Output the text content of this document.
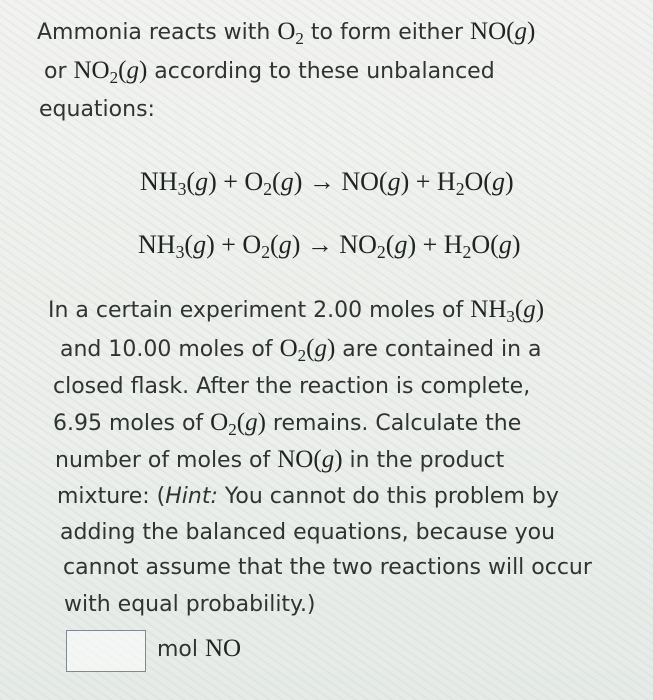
Ammonia reacts with $O_2$ to form either NO(g)
or $NO_2(g)$ according to these unbalanced
equations:
$NH_3(g) + O_2(g) \to NO(g) + H_2O(g)$
$NH_3(g) + O_2(g) \to NO_2(g) + H_2O(g)$
In a certain experiment 2.00 moles of $NH_3(g)$
and 10.00 moles of $O_2(g)$ are contained in a
closed flask. After the reaction is complete,
6.95 moles of $O_2(g)$ remains. Calculate the
number of moles of NO(g) in the product
mixture: (Hint: You cannot do this problem by
adding the balanced equations, because you
cannot assume that the two reactions will occur
with equal probability.)
mol NO
